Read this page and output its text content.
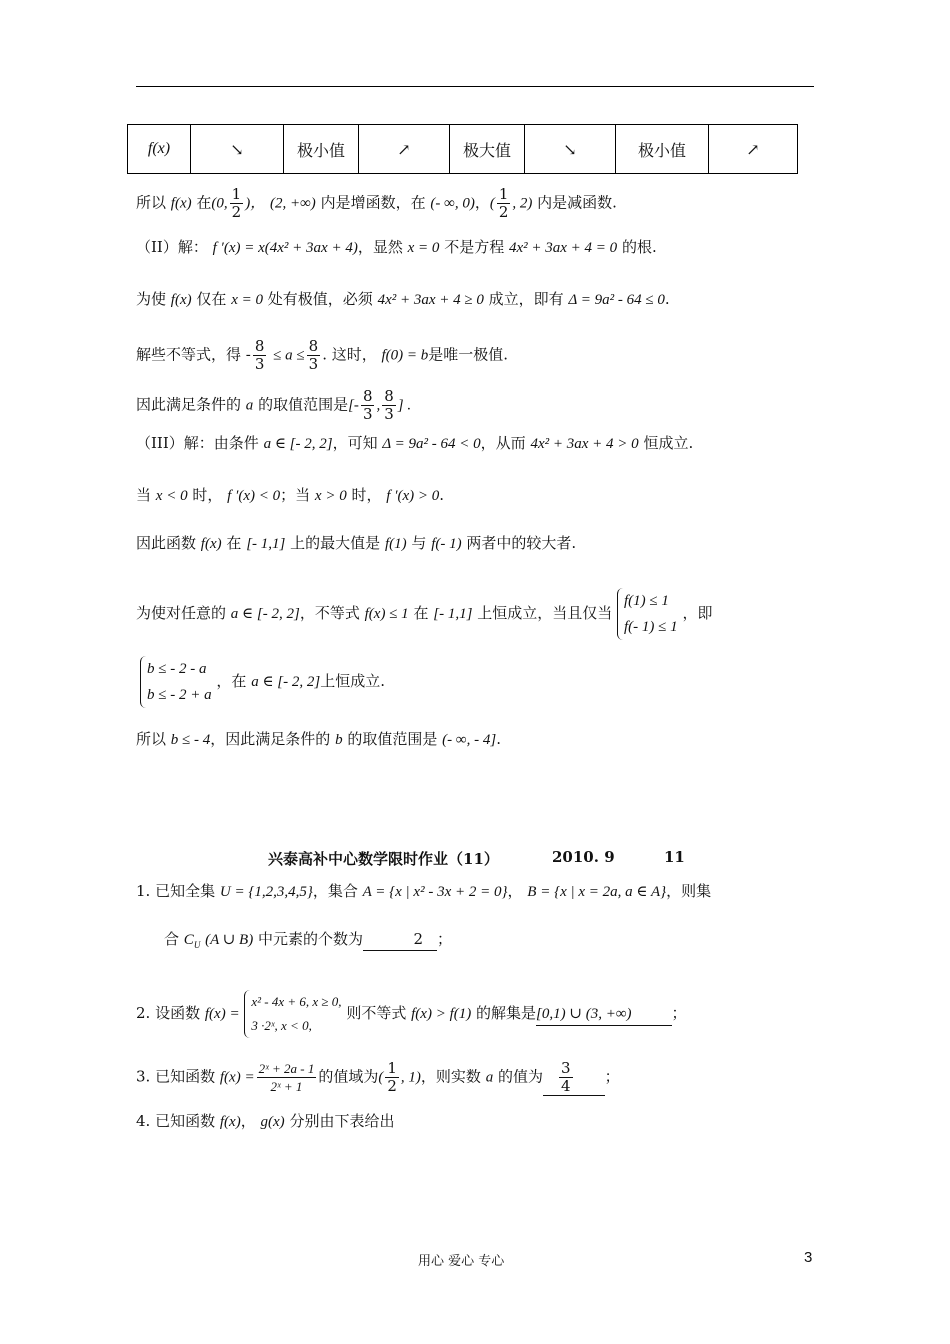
f(x)	↘	极小值	↗	极大值	↘	极小值	↗
所以 f(x) 在(0, $\frac{1}{2}$ )， (2, +∞) 内是增函数，在 (- ∞, 0)，( $\frac{1}{2}$ , 2) 内是减函数.
（II）解： f ′(x) = x(4x² + 3ax + 4)，显然 x = 0 不是方程 4x² + 3ax + 4 = 0 的根.
为使 f(x) 仅在 x = 0 处有极值，必须 4x² + 3ax + 4 ≥ 0 成立，即有 Δ = 9a² - 64 ≤ 0.
解些不等式，得 - $\frac{8}{3} \le a \le \frac{8}{3}$ . 这时， f(0) = b是唯一极值.
因此满足条件的 a 的取值范围是[- $\frac{8}{3}$ , $\frac{8}{3}$ ] .
（III）解：由条件 a ∈ [- 2, 2]，可知 Δ = 9a² - 64 < 0，从而 4x² + 3ax + 4 > 0 恒成立.
当 x < 0 时， f ′(x) < 0；当 x > 0 时， f ′(x) > 0.
因此函数 f(x) 在 [- 1,1] 上的最大值是 f(1) 与 f(- 1) 两者中的较大者.
为使对任意的 a ∈ [- 2, 2]，不等式 f(x) ≤ 1 在 [- 1,1] 上恒成立，当且仅当
f(1) ≤ 1
f(- 1) ≤ 1
，即
b ≤ - 2 - a
b ≤ - 2 + a
，在 a ∈ [- 2, 2]上恒成立.
所以 b ≤ - 4，因此满足条件的 b 的取值范围是 (- ∞, - 4].
兴泰高补中心数学限时作业（11）	2010. 9	11
1. 已知全集 U = {1,2,3,4,5}，集合 A = {x | x² - 3x + 2 = 0}， B = {x | x = 2a, a ∈ A}，则集
合 $C_U$ (A ∪ B) 中元素的个数为	2 ；
2. 设函数 f(x) =
x² - 4x + 6, x ≥ 0,
3 ·2ˣ, x < 0,
则不等式 f(x) > f(1) 的解集是[0,1) ∪ (3, +∞)	；
3. 已知函数 $f(x) = \frac{\text{2ˣ + 2a - 1}}{\text{2ˣ + 1}}$ 的值域为( $\frac{1}{2}$ , 1)，则实数 a 的值为 $\frac{3}{4}$ ；
4. 已知函数 f(x)， g(x) 分别由下表给出
用心 爱心 专心	3
